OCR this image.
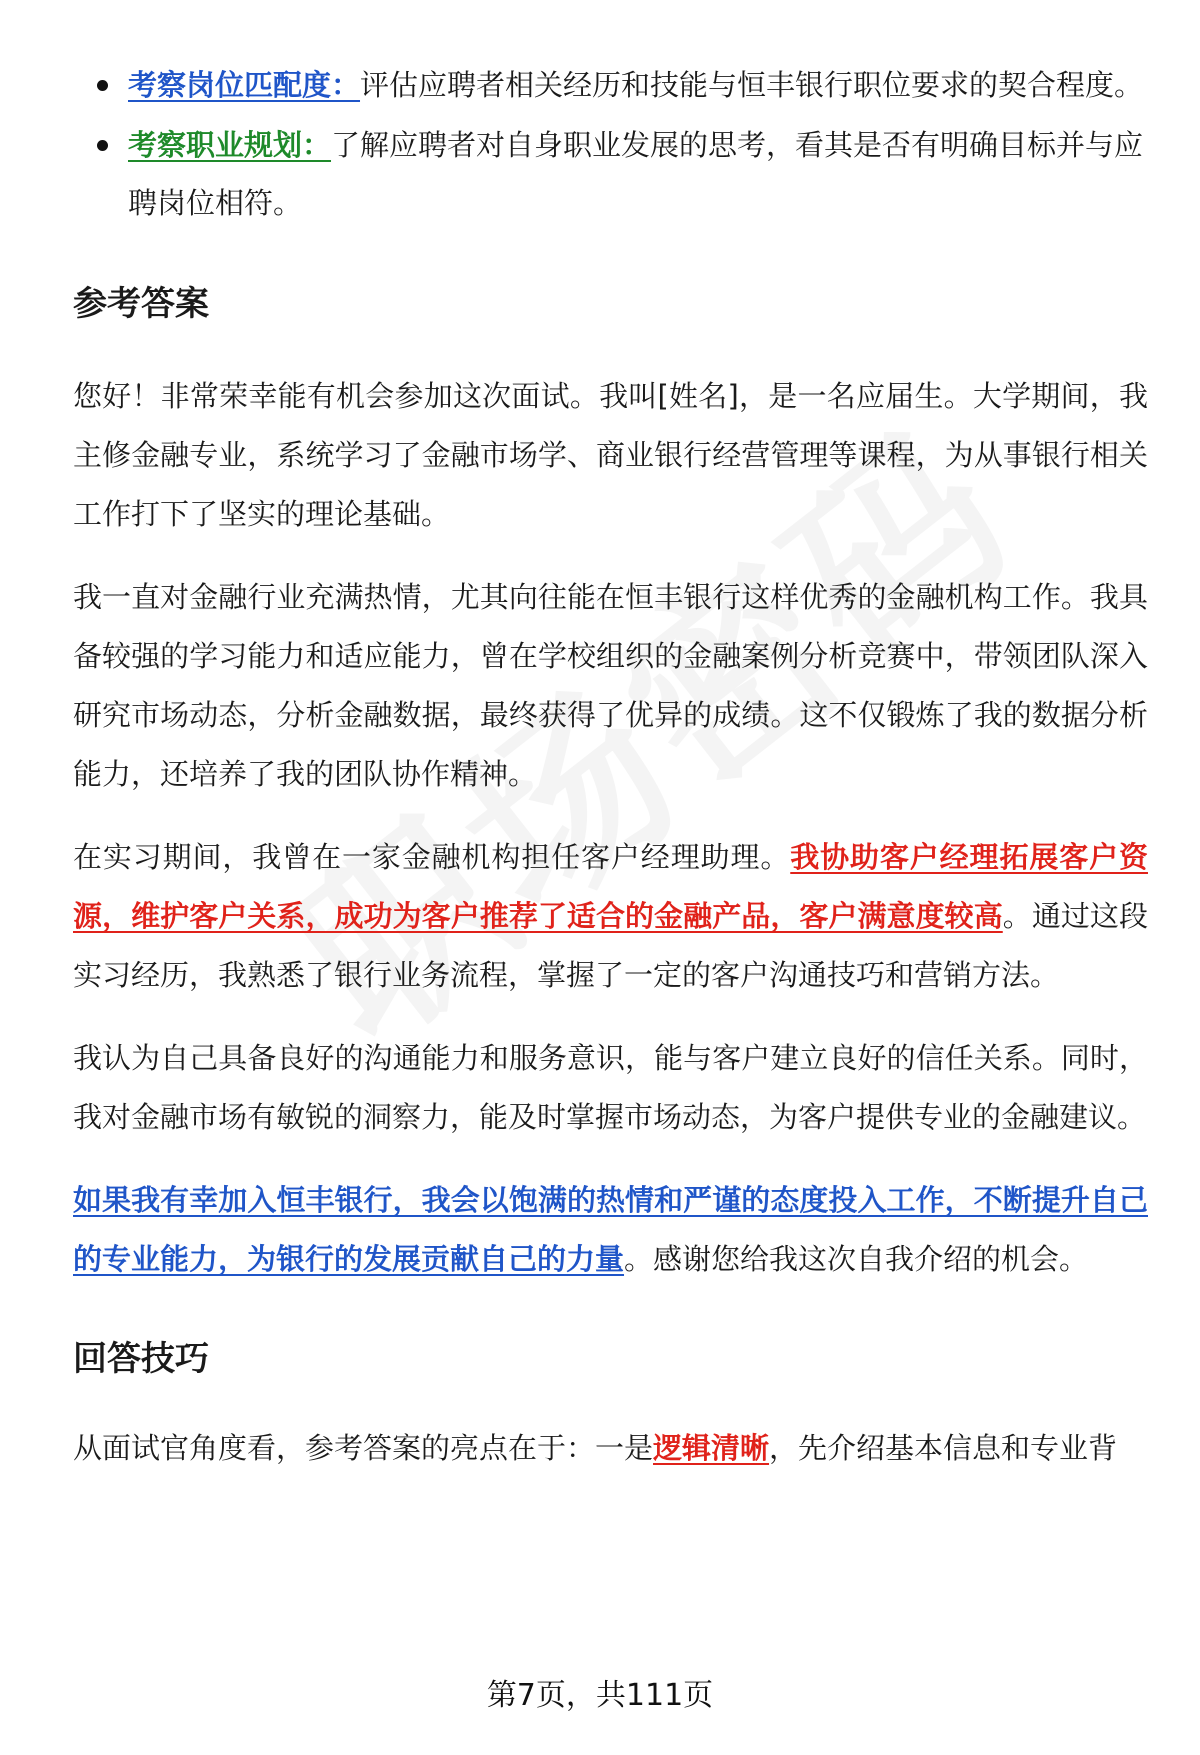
考察岗位匹配度：评估应聘者相关经历和技能与恒丰银行职位要求的契合程度。
考察职业规划：了解应聘者对自身职业发展的思考，看其是否有明确目标并与应聘岗位相符。
参考答案

您好！非常荣幸能有机会参加这次面试。我叫[姓名]，是一名应届生。大学期间，我主修金融专业，系统学习了金融市场学、商业银行经营管理等课程，为从事银行相关工作打下了坚实的理论基础。

我一直对金融行业充满热情，尤其向往能在恒丰银行这样优秀的金融机构工作。我具备较强的学习能力和适应能力，曾在学校组织的金融案例分析竞赛中，带领团队深入研究市场动态，分析金融数据，最终获得了优异的成绩。这不仅锻炼了我的数据分析能力，还培养了我的团队协作精神。

在实习期间，我曾在一家金融机构担任客户经理助理。我协助客户经理拓展客户资源，维护客户关系，成功为客户推荐了适合的金融产品，客户满意度较高。通过这段实习经历，我熟悉了银行业务流程，掌握了一定的客户沟通技巧和营销方法。

我认为自己具备良好的沟通能力和服务意识，能与客户建立良好的信任关系。同时，我对金融市场有敏锐的洞察力，能及时掌握市场动态，为客户提供专业的金融建议。

如果我有幸加入恒丰银行，我会以饱满的热情和严谨的态度投入工作，不断提升自己的专业能力，为银行的发展贡献自己的力量。感谢您给我这次自我介绍的机会。

回答技巧

从面试官角度看，参考答案的亮点在于：一是逻辑清晰，先介绍基本信息和专业背

第7页，共111页
